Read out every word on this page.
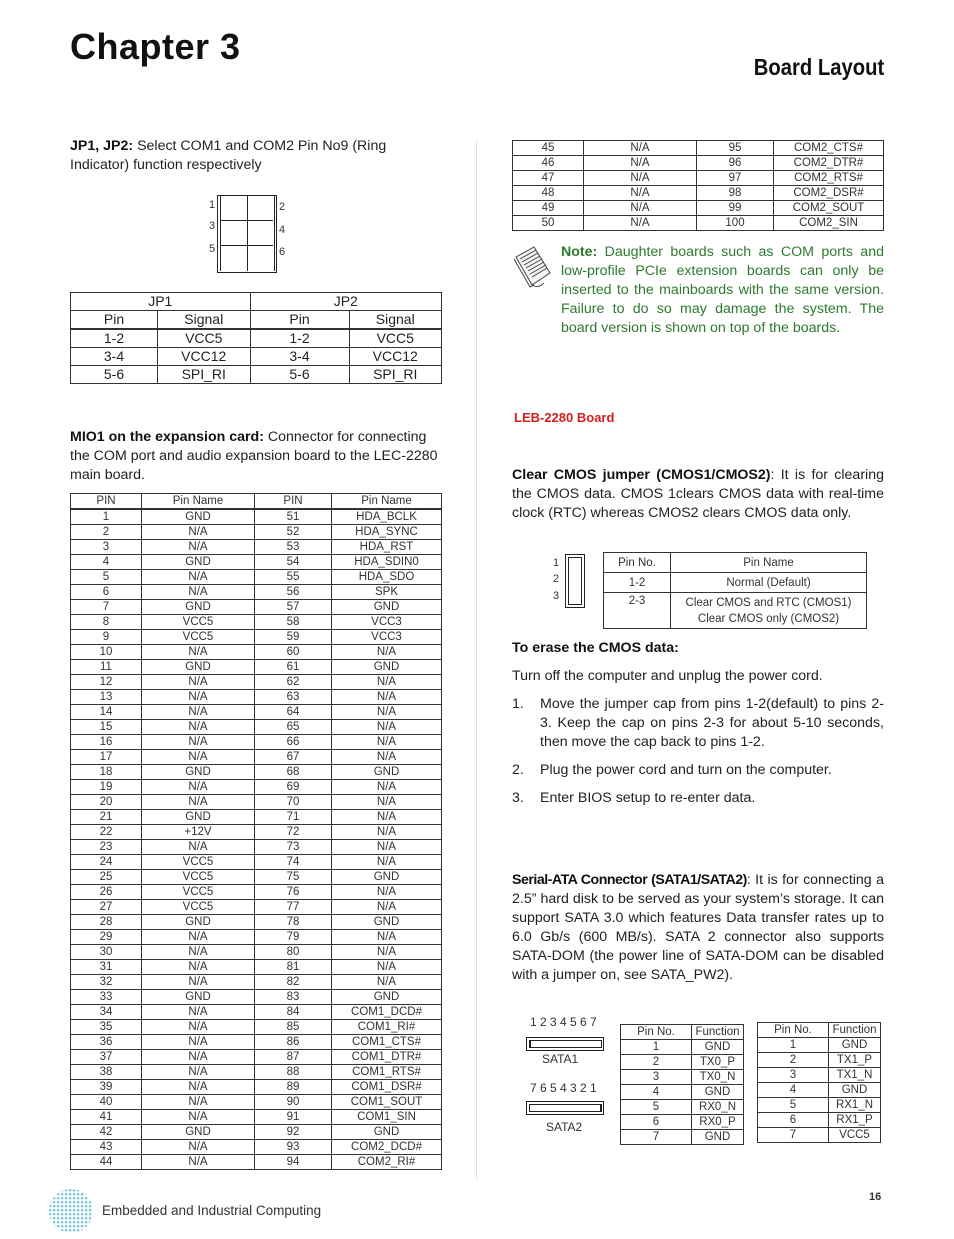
Chapter 3	Board Layout
JP1, JP2: Select COM1 and COM2 Pin No9 (Ring Indicator) function respectively
1
3
5
2
4
6
JP1		JP2	
Pin	Signal	Pin	Signal
1-2	VCC5	1-2	VCC5
3-4	VCC12	3-4	VCC12
5-6	SPI_RI	5-6	SPI_RI
MIO1 on the expansion card: Connector for connecting the COM port and audio expansion board to the LEC-2280 main board.
PIN	Pin Name	PIN	Pin Name
1	GND	51	HDA_BCLK
2	N/A	52	HDA_SYNC
3	N/A	53	HDA_RST
4	GND	54	HDA_SDIN0
5	N/A	55	HDA_SDO
6	N/A	56	SPK
7	GND	57	GND
8	VCC5	58	VCC3
9	VCC5	59	VCC3
10	N/A	60	N/A
11	GND	61	GND
12	N/A	62	N/A
13	N/A	63	N/A
14	N/A	64	N/A
15	N/A	65	N/A
16	N/A	66	N/A
17	N/A	67	N/A
18	GND	68	GND
19	N/A	69	N/A
20	N/A	70	N/A
21	GND	71	N/A
22	+12V	72	N/A
23	N/A	73	N/A
24	VCC5	74	N/A
25	VCC5	75	GND
26	VCC5	76	N/A
27	VCC5	77	N/A
28	GND	78	GND
29	N/A	79	N/A
30	N/A	80	N/A
31	N/A	81	N/A
32	N/A	82	N/A
33	GND	83	GND
34	N/A	84	COM1_DCD#
35	N/A	85	COM1_RI#
36	N/A	86	COM1_CTS#
37	N/A	87	COM1_DTR#
38	N/A	88	COM1_RTS#
39	N/A	89	COM1_DSR#
40	N/A	90	COM1_SOUT
41	N/A	91	COM1_SIN
42	GND	92	GND
43	N/A	93	COM2_DCD#
44	N/A	94	COM2_RI#
45	N/A	95	COM2_CTS#
46	N/A	96	COM2_DTR#
47	N/A	97	COM2_RTS#
48	N/A	98	COM2_DSR#
49	N/A	99	COM2_SOUT
50	N/A	100	COM2_SIN
Note: Daughter boards such as COM ports and low-profile PCIe extension boards can only be inserted to the mainboards with the same version. Failure to do so may damage the system. The board version is shown on top of the boards.
LEB-2280 Board
Clear CMOS jumper (CMOS1/CMOS2): It is for clearing the CMOS data. CMOS 1clears CMOS data with real-time clock (RTC) whereas CMOS2 clears CMOS data only.
1
2
3
Pin No.	Pin Name
1-2	Normal (Default)
2-3	Clear CMOS and RTC (CMOS1)
Clear CMOS only (CMOS2)
To erase the CMOS data:
Turn off the computer and unplug the power cord.
1.	Move the jumper cap from pins 1-2(default) to pins 2-3. Keep the cap on pins 2-3 for about 5-10 seconds, then move the cap back to pins 1-2.
2.	Plug the power cord and turn on the computer.
3.	Enter BIOS setup to re-enter data.
Serial-ATA Connector (SATA1/SATA2): It is for connecting a 2.5” hard disk to be served as your system’s storage. It can support SATA 3.0 which features Data transfer rates up to 6.0 Gb/s (600 MB/s). SATA 2 connector also supports SATA-DOM (the power line of SATA-DOM can be disabled with a jumper on, see SATA_PW2).
1 2 3 4 5 6 7
SATA1
7 6 5 4 3 2 1
SATA2
Pin No.	Function
1	GND
2	TX0_P
3	TX0_N
4	GND
5	RX0_N
6	RX0_P
7	GND
Pin No.	Function
1	GND
2	TX1_P
3	TX1_N
4	GND
5	RX1_N
6	RX1_P
7	VCC5
Embedded and Industrial Computing
16
